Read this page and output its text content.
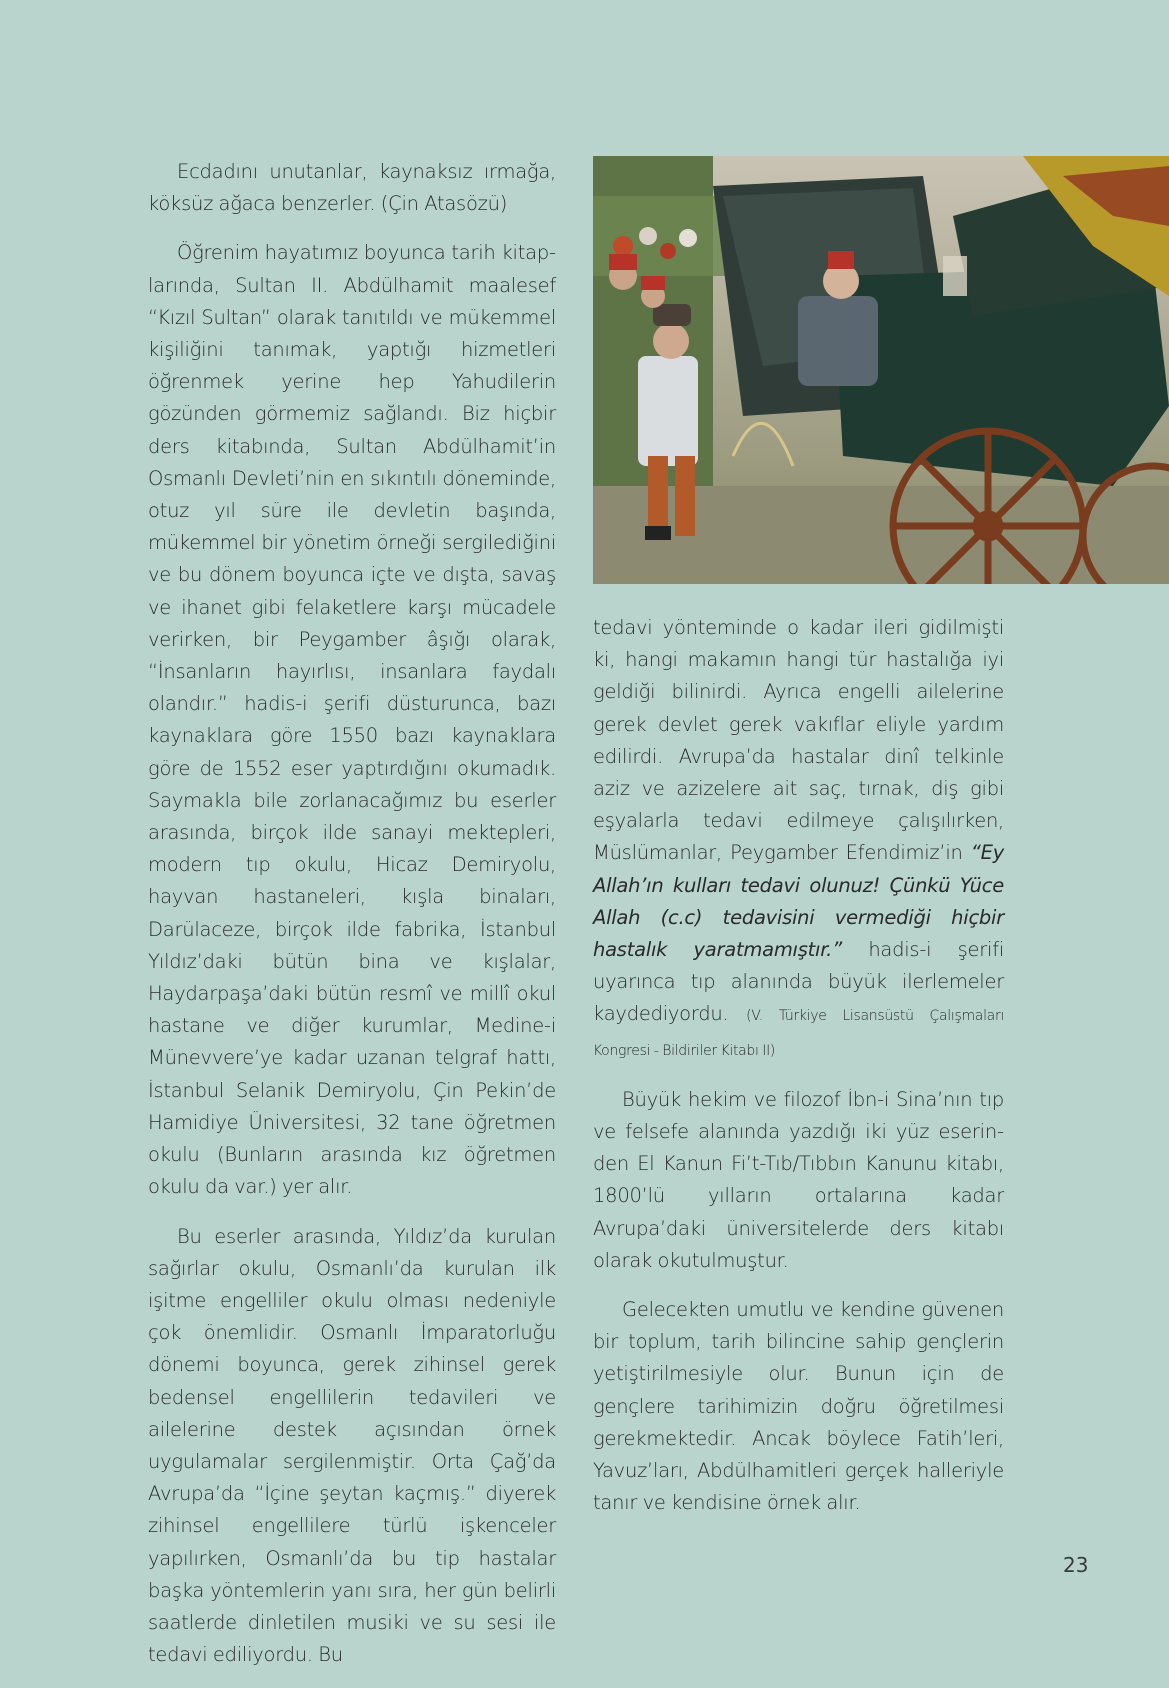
Ecdadını unutanlar, kaynaksız ırmağa, köksüz ağaca benzerler. (Çin Atasözü)

Öğrenim hayatımız boyunca tarih kitaplarında, Sultan II. Abdülhamit maalesef “Kızıl Sultan” olarak tanıtıldı ve mükemmel kişiliğini tanımak, yaptığı hizmetleri öğrenmek yerine hep Yahudilerin gözünden görmemiz sağlandı. Biz hiçbir ders kitabında, Sultan Abdülhamit’in Osmanlı Devleti’nin en sıkıntılı döneminde, otuz yıl süre ile devletin başında, mükemmel bir yönetim örneği sergilediğini ve bu dönem boyunca içte ve dışta, savaş ve ihanet gibi felaketlere karşı mücadele verirken, bir Peygamber âşığı olarak, “İnsanların hayırlısı, insanlara faydalı olandır.” hadis-i şerifi düsturunca, bazı kaynaklara göre 1550 bazı kaynaklara göre de 1552 eser yaptırdığını okumadık. Saymakla bile zorlanacağımız bu eserler arasında, birçok ilde sanayi mektepleri, modern tıp okulu, Hicaz Demiryolu, hayvan hastaneleri, kışla binaları, Darülaceze, birçok ilde fabrika, İstanbul Yıldız’daki bütün bina ve kışlalar, Haydarpaşa’daki bütün resmî ve millî okul hastane ve diğer kurumlar, Medine-i Münevvere’ye kadar uzanan telgraf hattı, İstanbul Selanik Demiryolu, Çin Pekin’de Hamidiye Üniversitesi, 32 tane öğretmen okulu (Bunların arasında kız öğretmen okulu da var.) yer alır.

Bu eserler arasında, Yıldız’da kurulan sağırlar okulu, Osmanlı’da kurulan ilk işitme engelliler okulu olması nedeniyle çok önemlidir. Osmanlı İmparatorluğu dönemi boyunca, gerek zihinsel gerek bedensel engellilerin tedavileri ve ailelerine destek açısından örnek uygulamalar sergilenmiştir. Orta Çağ’da Avrupa’da “İçine şeytan kaçmış.” diyerek zihinsel engellilere türlü işkenceler yapılırken, Osmanlı’da bu tip hastalar başka yöntemlerin yanı sıra, her gün belirli saatlerde dinletilen musiki ve su sesi ile tedavi ediliyordu. Bu

tedavi yönteminde o kadar ileri gidilmişti ki, hangi makamın hangi tür hastalığa iyi geldiği bilinirdi. Ayrıca engelli ailelerine gerek devlet gerek vakıflar eliyle yardım edilirdi. Avrupa’da hastalar dinî telkinle aziz ve azizelere ait saç, tırnak, diş gibi eşyalarla tedavi edilmeye çalışılırken, Müslümanlar, Peygamber Efendimiz’in “Ey Allah’ın kulları tedavi olunuz! Çünkü Yüce Allah (c.c) tedavisini vermediği hiçbir hastalık yaratmamıştır.” hadis-i şerifi uyarınca tıp alanında büyük ilerlemeler kaydediyordu. (V. Türkiye Lisansüstü Çalışmaları Kongresi - Bildiriler Kitabı II)

Büyük hekim ve filozof İbn-i Sina’nın tıp ve felsefe alanında yazdığı iki yüz eserinden El Kanun Fi’t-Tıb/Tıbbın Kanunu kitabı, 1800’lü yılların ortalarına kadar Avrupa’daki üniversitelerde ders kitabı olarak okutulmuştur.

Gelecekten umutlu ve kendine güvenen bir toplum, tarih bilincine sahip gençlerin yetiştirilmesiyle olur. Bunun için de gençlere tarihimizin doğru öğretilmesi gerekmektedir. Ancak böylece Fatih’leri, Yavuz’ları, Abdülhamitleri gerçek halleriyle tanır ve kendisine örnek alır.

23
